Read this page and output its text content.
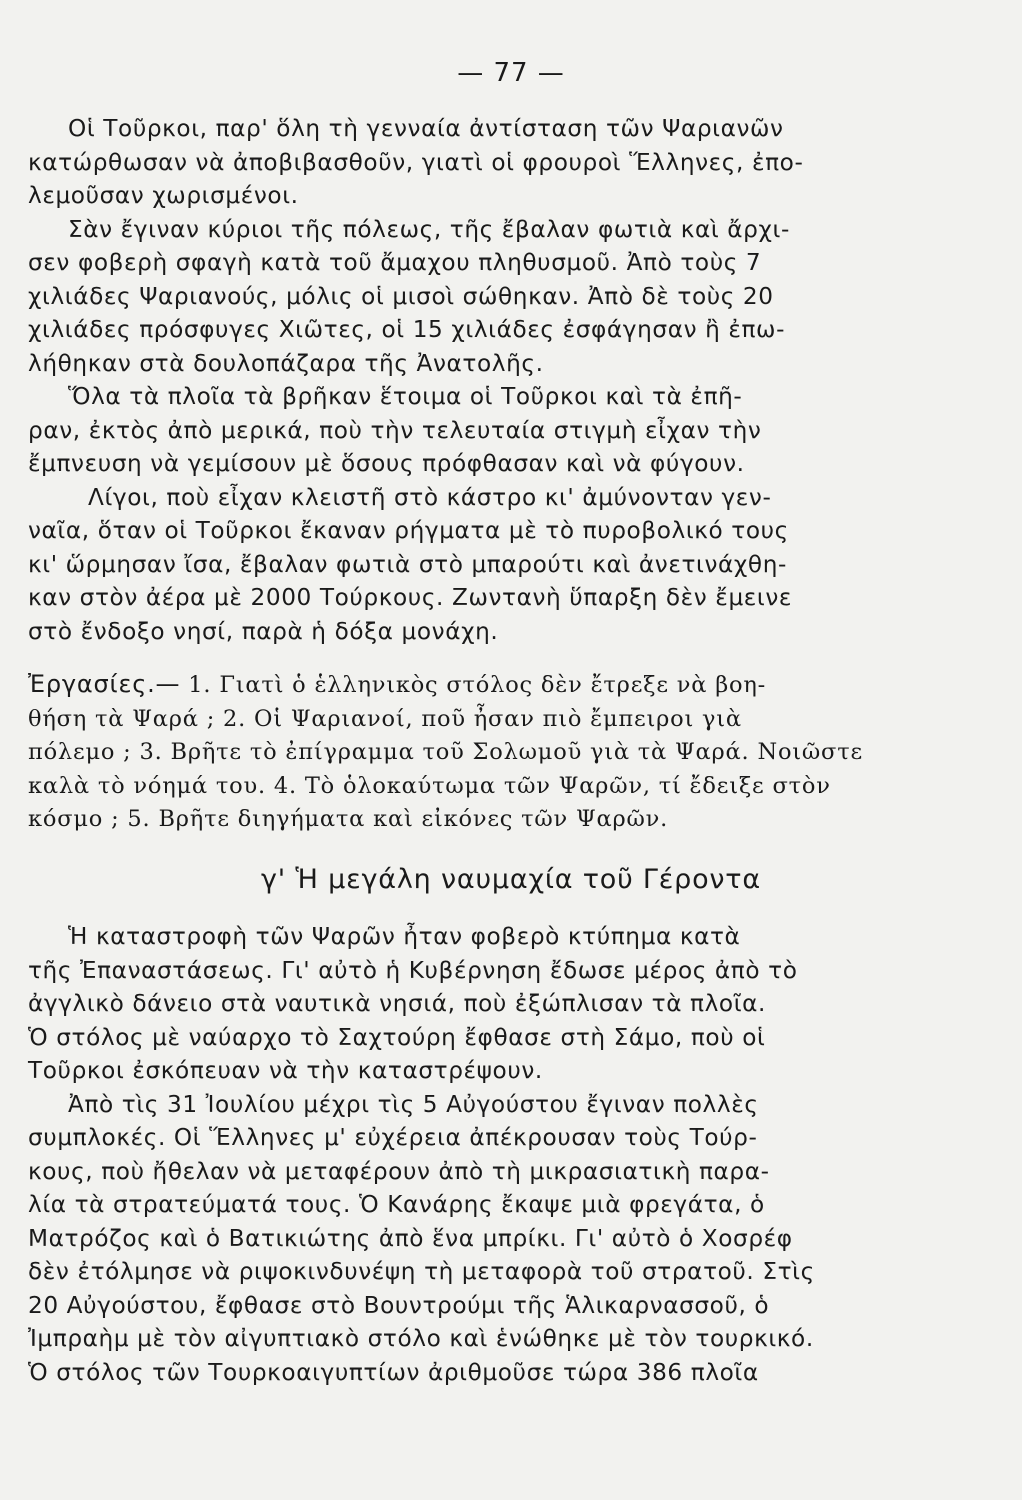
— 77 —
Οἱ Τοῦρκοι, παρ' ὅλη τὴ γενναία ἀντίσταση τῶν Ψαριανῶν
κατώρθωσαν νὰ ἀποβιβασθοῦν, γιατὶ οἱ φρουροὶ Ἕλληνες, ἐπο-
λεμοῦσαν χωρισμένοι.
Σὰν ἔγιναν κύριοι τῆς πόλεως, τῆς ἔβαλαν φωτιὰ καὶ ἄρχι-
σεν φοβερὴ σφαγὴ κατὰ τοῦ ἄμαχου πληθυσμοῦ. Ἀπὸ τοὺς 7
χιλιάδες Ψαριανούς, μόλις οἱ μισοὶ σώθηκαν. Ἀπὸ δὲ τοὺς 20
χιλιάδες πρόσφυγες Χιῶτες, οἱ 15 χιλιάδες ἐσφάγησαν ἢ ἐπω-
λήθηκαν στὰ δουλοπάζαρα τῆς Ἀνατολῆς.
Ὅλα τὰ πλοῖα τὰ βρῆκαν ἕτοιμα οἱ Τοῦρκοι καὶ τὰ ἐπῆ-
ραν, ἐκτὸς ἀπὸ μερικά, ποὺ τὴν τελευταία στιγμὴ εἶχαν τὴν
ἔμπνευση νὰ γεμίσουν μὲ ὅσους πρόφθασαν καὶ νὰ φύγουν.
Λίγοι, ποὺ εἶχαν κλειστῆ στὸ κάστρο κι' ἀμύνονταν γεν-
ναῖα, ὅταν οἱ Τοῦρκοι ἔκαναν ρήγματα μὲ τὸ πυροβολικό τους
κι' ὥρμησαν ἴσα, ἔβαλαν φωτιὰ στὸ μπαρούτι καὶ ἀνετινάχθη-
καν στὸν ἀέρα μὲ 2000 Τούρκους. Ζωντανὴ ὕπαρξη δὲν ἔμεινε
στὸ ἔνδοξο νησί, παρὰ ἡ δόξα μονάχη.
Ἐργασίες.— 1. Γιατὶ ὁ ἑλληνικὸς στόλος δὲν ἔτρεξε νὰ βοη-
θήση τὰ Ψαρά ; 2. Οἱ Ψαριανοί, ποῦ ἦσαν πιὸ ἔμπειροι γιὰ
πόλεμο ; 3. Βρῆτε τὸ ἐπίγραμμα τοῦ Σολωμοῦ γιὰ τὰ Ψαρά. Νοιῶστε
καλὰ τὸ νόημά του. 4. Τὸ ὁλοκαύτωμα τῶν Ψαρῶν, τί ἔδειξε στὸν
κόσμο ; 5. Βρῆτε διηγήματα καὶ εἰκόνες τῶν Ψαρῶν.
γ' Ἡ μεγάλη ναυμαχία τοῦ Γέροντα
Ἡ καταστροφὴ τῶν Ψαρῶν ἦταν φοβερὸ κτύπημα κατὰ
τῆς Ἐπαναστάσεως. Γι' αὐτὸ ἡ Κυβέρνηση ἔδωσε μέρος ἀπὸ τὸ
ἀγγλικὸ δάνειο στὰ ναυτικὰ νησιά, ποὺ ἐξώπλισαν τὰ πλοῖα.
Ὁ στόλος μὲ ναύαρχο τὸ Σαχτούρη ἔφθασε στὴ Σάμο, ποὺ οἱ
Τοῦρκοι ἐσκόπευαν νὰ τὴν καταστρέψουν.
Ἀπὸ τὶς 31 Ἰουλίου μέχρι τὶς 5 Αὐγούστου ἔγιναν πολλὲς
συμπλοκές. Οἱ Ἕλληνες μ' εὐχέρεια ἀπέκρουσαν τοὺς Τούρ-
κους, ποὺ ἤθελαν νὰ μεταφέρουν ἀπὸ τὴ μικρασιατικὴ παρα-
λία τὰ στρατεύματά τους. Ὁ Κανάρης ἔκαψε μιὰ φρεγάτα, ὁ
Ματρόζος καὶ ὁ Βατικιώτης ἀπὸ ἕνα μπρίκι. Γι' αὐτὸ ὁ Χοσρέφ
δὲν ἐτόλμησε νὰ ριψοκινδυνέψη τὴ μεταφορὰ τοῦ στρατοῦ. Στὶς
20 Αὐγούστου, ἔφθασε στὸ Βουντρούμι τῆς Ἁλικαρνασσοῦ, ὁ
Ἰμπραὴμ μὲ τὸν αἰγυπτιακὸ στόλο καὶ ἑνώθηκε μὲ τὸν τουρκικό.
Ὁ στόλος τῶν Τουρκοαιγυπτίων ἀριθμοῦσε τώρα 386 πλοῖα
